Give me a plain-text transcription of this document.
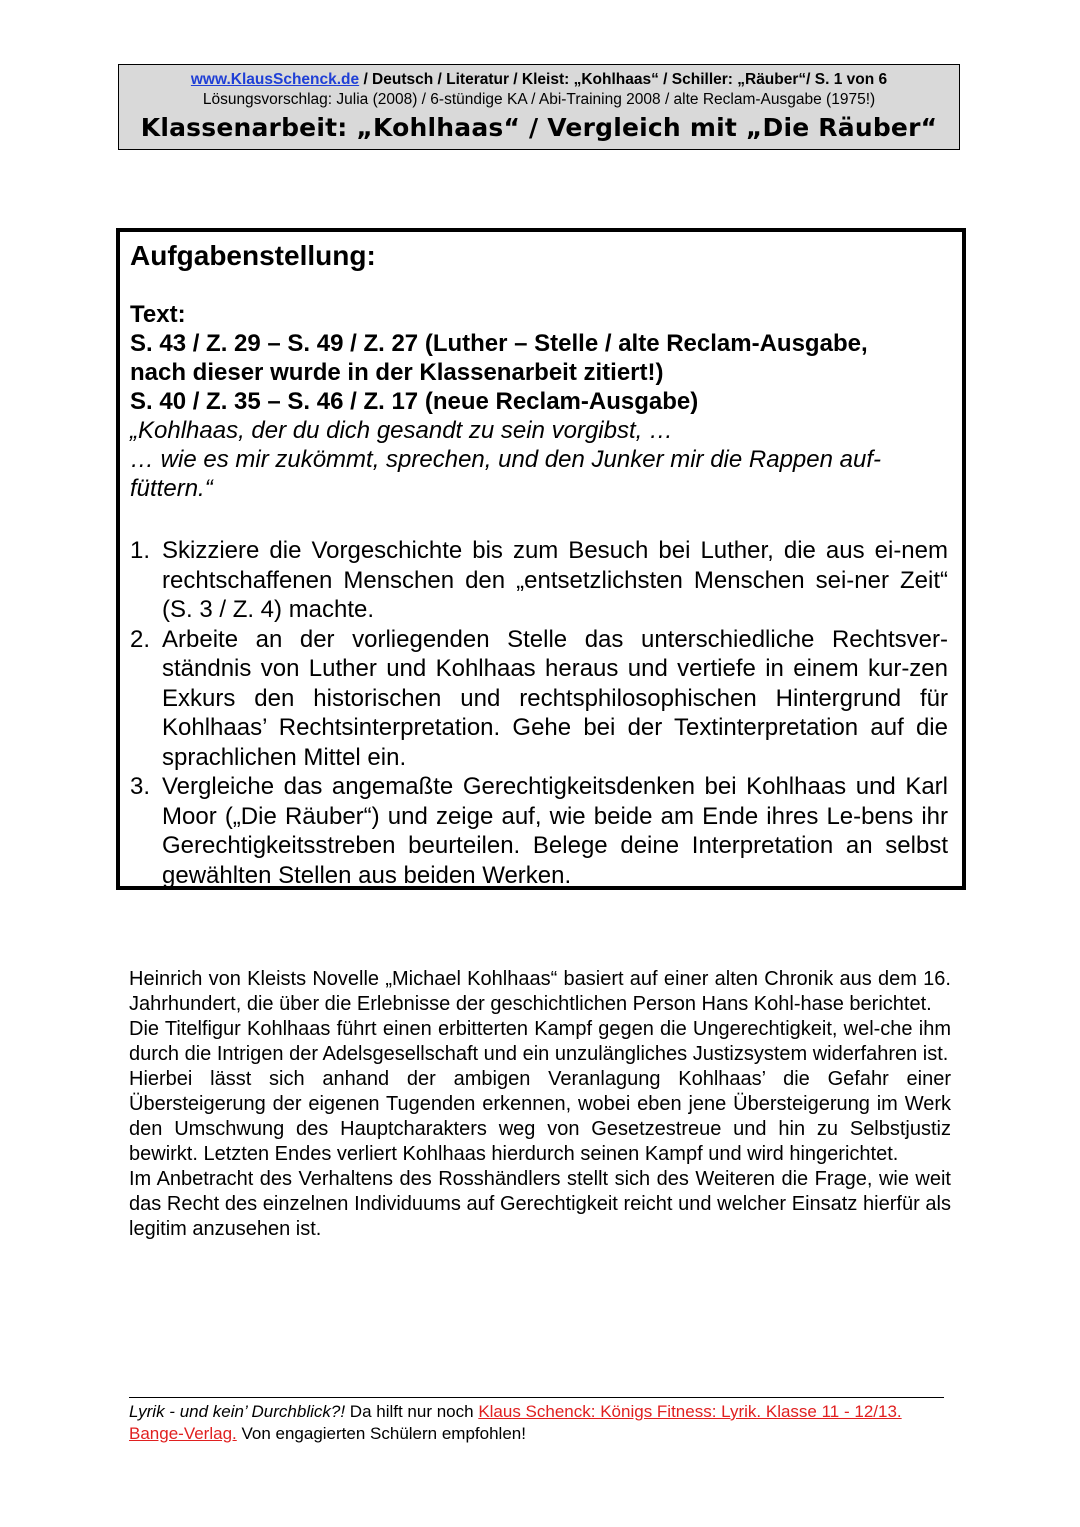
www.KlausSchenck.de / Deutsch / Literatur / Kleist: „Kohlhaas“ / Schiller: „Räuber“/ S. 1 von 6
Lösungsvorschlag: Julia (2008) / 6-stündige KA / Abi-Training 2008 / alte Reclam-Ausgabe (1975!)
Klassenarbeit: „Kohlhaas“ / Vergleich mit „Die Räuber“
Aufgabenstellung:
Text:
S. 43 / Z. 29 – S. 49 / Z. 27 (Luther – Stelle / alte Reclam-Ausgabe,
nach dieser wurde in der Klassenarbeit zitiert!)
S. 40 / Z. 35 – S. 46 / Z. 17 (neue Reclam-Ausgabe)
„Kohlhaas, der du dich gesandt zu sein vorgibst, …
… wie es mir zukömmt, sprechen, und den Junker mir die Rappen auf-
füttern.“
1. Skizziere die Vorgeschichte bis zum Besuch bei Luther, die aus ei-nem rechtschaffenen Menschen den „entsetzlichsten Menschen sei-ner Zeit“ (S. 3 / Z. 4) machte.
2. Arbeite an der vorliegenden Stelle das unterschiedliche Rechtsver-ständnis von Luther und Kohlhaas heraus und vertiefe in einem kur-zen Exkurs den historischen und rechtsphilosophischen Hintergrund für Kohlhaas’ Rechtsinterpretation. Gehe bei der Textinterpretation auf die sprachlichen Mittel ein.
3. Vergleiche das angemaßte Gerechtigkeitsdenken bei Kohlhaas und Karl Moor („Die Räuber“) und zeige auf, wie beide am Ende ihres Le-bens ihr Gerechtigkeitsstreben beurteilen. Belege deine Interpretation an selbst gewählten Stellen aus beiden Werken.

Heinrich von Kleists Novelle „Michael Kohlhaas“ basiert auf einer alten Chronik aus dem 16. Jahrhundert, die über die Erlebnisse der geschichtlichen Person Hans Kohl-hase berichtet.

Die Titelfigur Kohlhaas führt einen erbitterten Kampf gegen die Ungerechtigkeit, wel-che ihm durch die Intrigen der Adelsgesellschaft und ein unzulängliches Justizsystem widerfahren ist.

Hierbei lässt sich anhand der ambigen Veranlagung Kohlhaas’ die Gefahr einer Übersteigerung der eigenen Tugenden erkennen, wobei eben jene Übersteigerung im Werk den Umschwung des Hauptcharakters weg von Gesetzestreue und hin zu Selbstjustiz bewirkt. Letzten Endes verliert Kohlhaas hierdurch seinen Kampf und wird hingerichtet.

Im Anbetracht des Verhaltens des Rosshändlers stellt sich des Weiteren die Frage, wie weit das Recht des einzelnen Individuums auf Gerechtigkeit reicht und welcher Einsatz hierfür als legitim anzusehen ist.

Lyrik - und kein’ Durchblick?! Da hilft nur noch Klaus Schenck: Königs Fitness: Lyrik. Klasse 11 - 12/13. Bange-Verlag. Von engagierten Schülern empfohlen!
